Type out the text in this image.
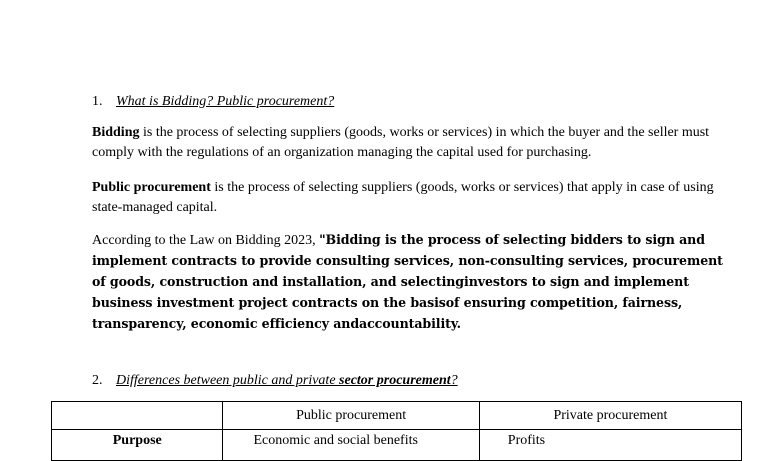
1. What is Bidding? Public procurement?
Bidding is the process of selecting suppliers (goods, works or services) in which the buyer and the seller must comply with the regulations of an organization managing the capital used for purchasing.
Public procurement is the process of selecting suppliers (goods, works or services) that apply in case of using state-managed capital.
According to the Law on Bidding 2023, "Bidding is the process of selecting bidders to sign and implement contracts to provide consulting services, non-consulting services, procurement of goods, construction and installation, and selectinginvestors to sign and implement business investment project contracts on the basisof ensuring competition, fairness, transparency, economic efficiency andaccountability.
2. Differences between public and private sector procurement?
	Public procurement	Private procurement
Purpose	Economic and social benefits	Profits
